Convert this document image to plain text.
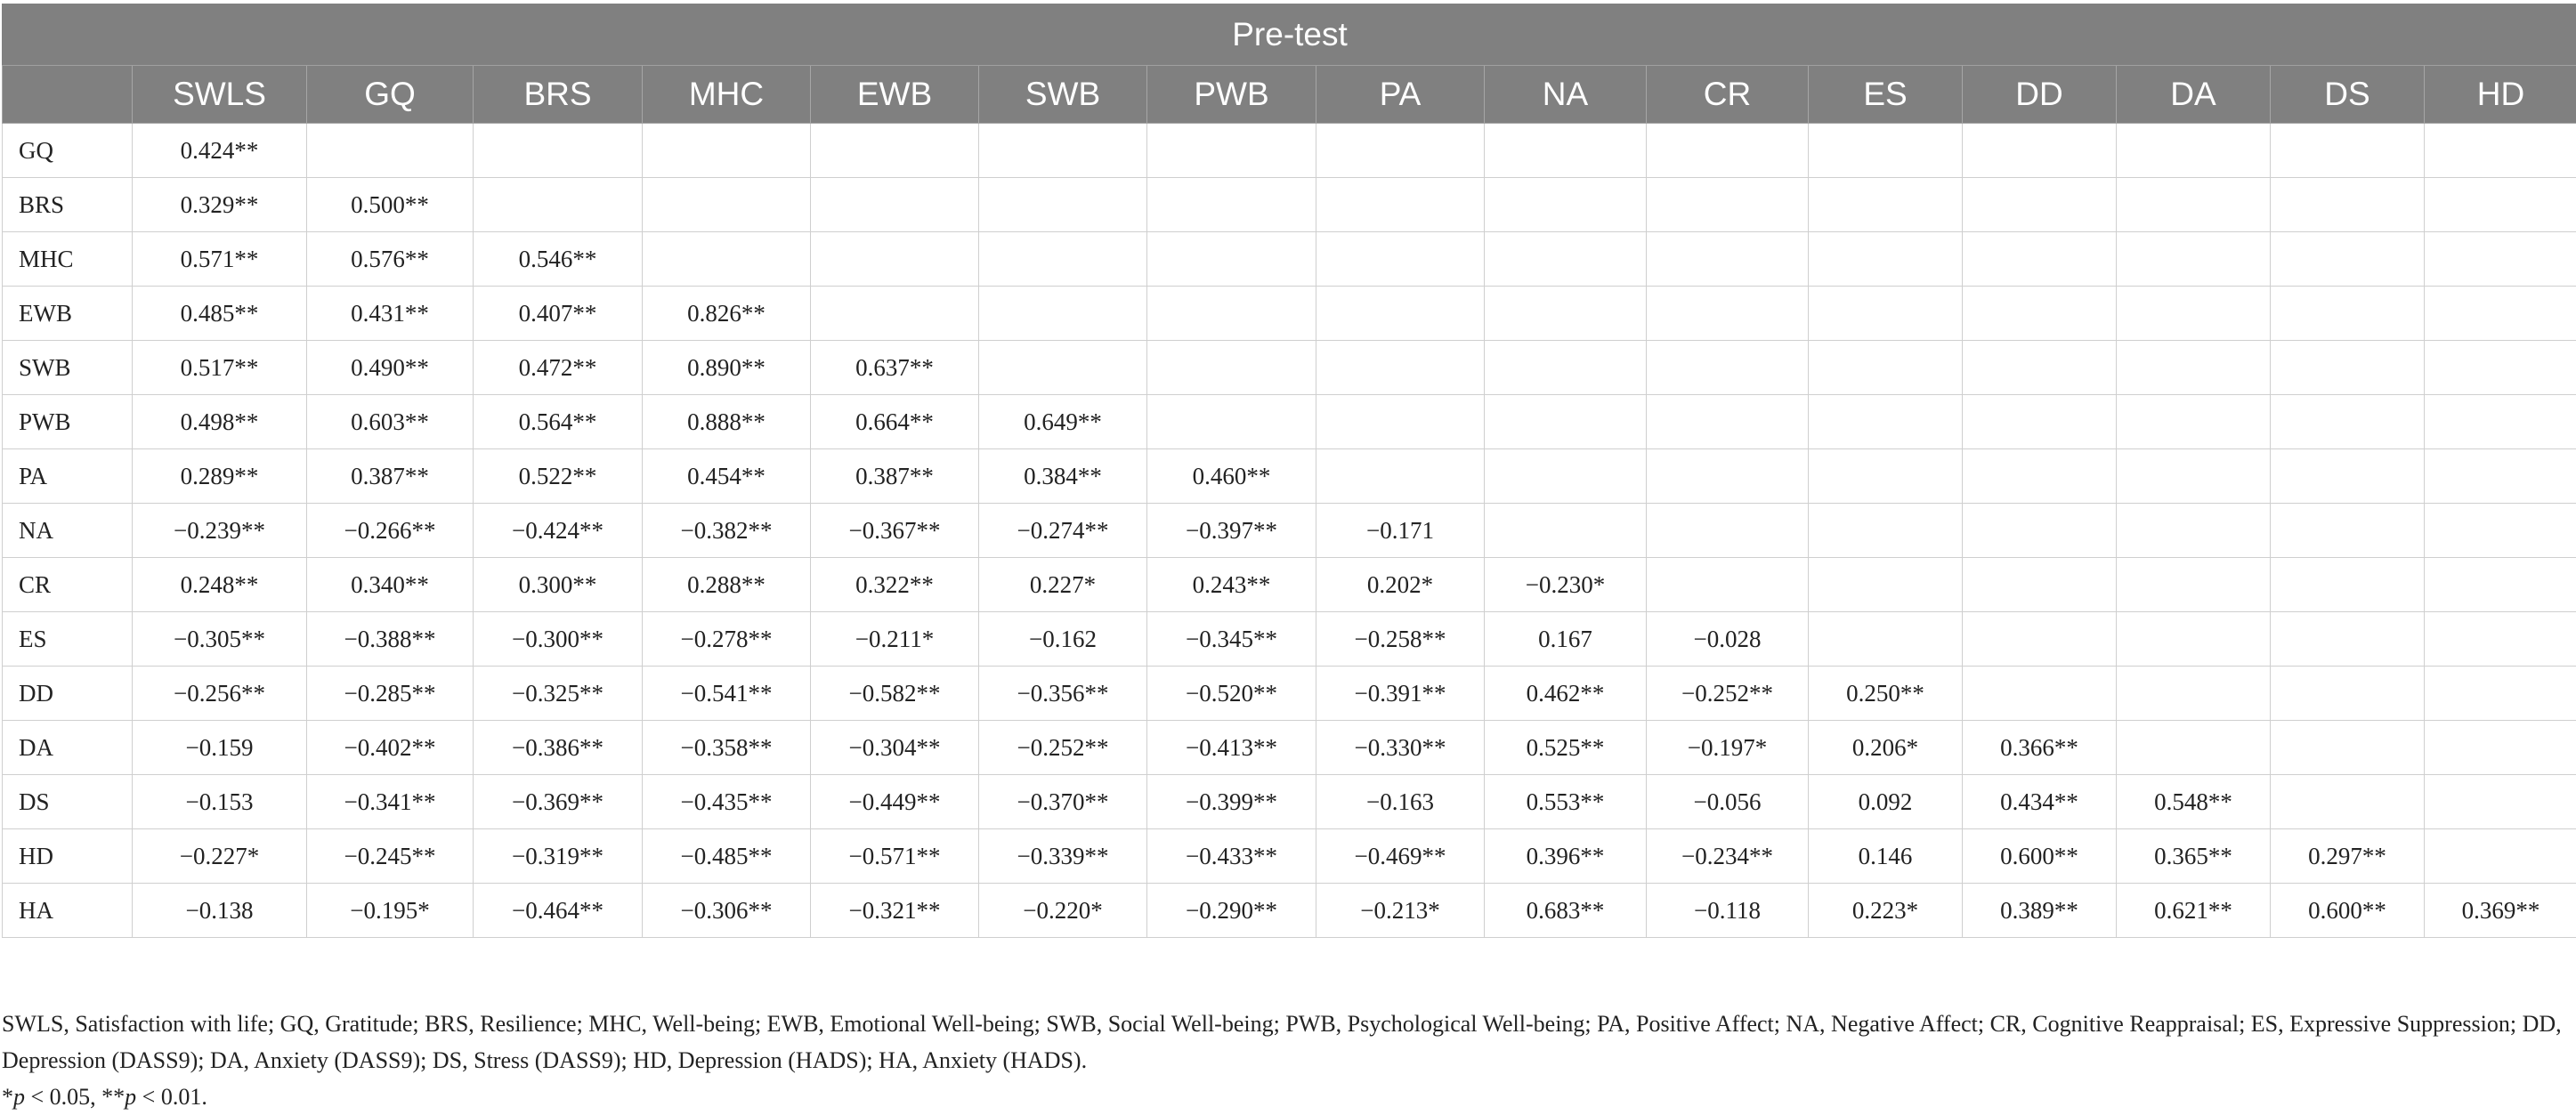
Pre-test															
	SWLS	GQ	BRS	MHC	EWB	SWB	PWB	PA	NA	CR	ES	DD	DA	DS	HD
GQ	0.424**														
BRS	0.329**	0.500**													
MHC	0.571**	0.576**	0.546**												
EWB	0.485**	0.431**	0.407**	0.826**											
SWB	0.517**	0.490**	0.472**	0.890**	0.637**										
PWB	0.498**	0.603**	0.564**	0.888**	0.664**	0.649**									
PA	0.289**	0.387**	0.522**	0.454**	0.387**	0.384**	0.460**								
NA	−0.239**	−0.266**	−0.424**	−0.382**	−0.367**	−0.274**	−0.397**	−0.171							
CR	0.248**	0.340**	0.300**	0.288**	0.322**	0.227*	0.243**	0.202*	−0.230*						
ES	−0.305**	−0.388**	−0.300**	−0.278**	−0.211*	−0.162	−0.345**	−0.258**	0.167	−0.028					
DD	−0.256**	−0.285**	−0.325**	−0.541**	−0.582**	−0.356**	−0.520**	−0.391**	0.462**	−0.252**	0.250**				
DA	−0.159	−0.402**	−0.386**	−0.358**	−0.304**	−0.252**	−0.413**	−0.330**	0.525**	−0.197*	0.206*	0.366**			
DS	−0.153	−0.341**	−0.369**	−0.435**	−0.449**	−0.370**	−0.399**	−0.163	0.553**	−0.056	0.092	0.434**	0.548**		
HD	−0.227*	−0.245**	−0.319**	−0.485**	−0.571**	−0.339**	−0.433**	−0.469**	0.396**	−0.234**	0.146	0.600**	0.365**	0.297**	
HA	−0.138	−0.195*	−0.464**	−0.306**	−0.321**	−0.220*	−0.290**	−0.213*	0.683**	−0.118	0.223*	0.389**	0.621**	0.600**	0.369**

SWLS, Satisfaction with life; GQ, Gratitude; BRS, Resilience; MHC, Well-being; EWB, Emotional Well-being; SWB, Social Well-being; PWB, Psychological Well-being; PA, Positive Affect; NA, Negative Affect; CR, Cognitive Reappraisal; ES, Expressive Suppression; DD, Depression (DASS9); DA, Anxiety (DASS9); DS, Stress (DASS9); HD, Depression (HADS); HA, Anxiety (HADS).

*p < 0.05, **p < 0.01.
